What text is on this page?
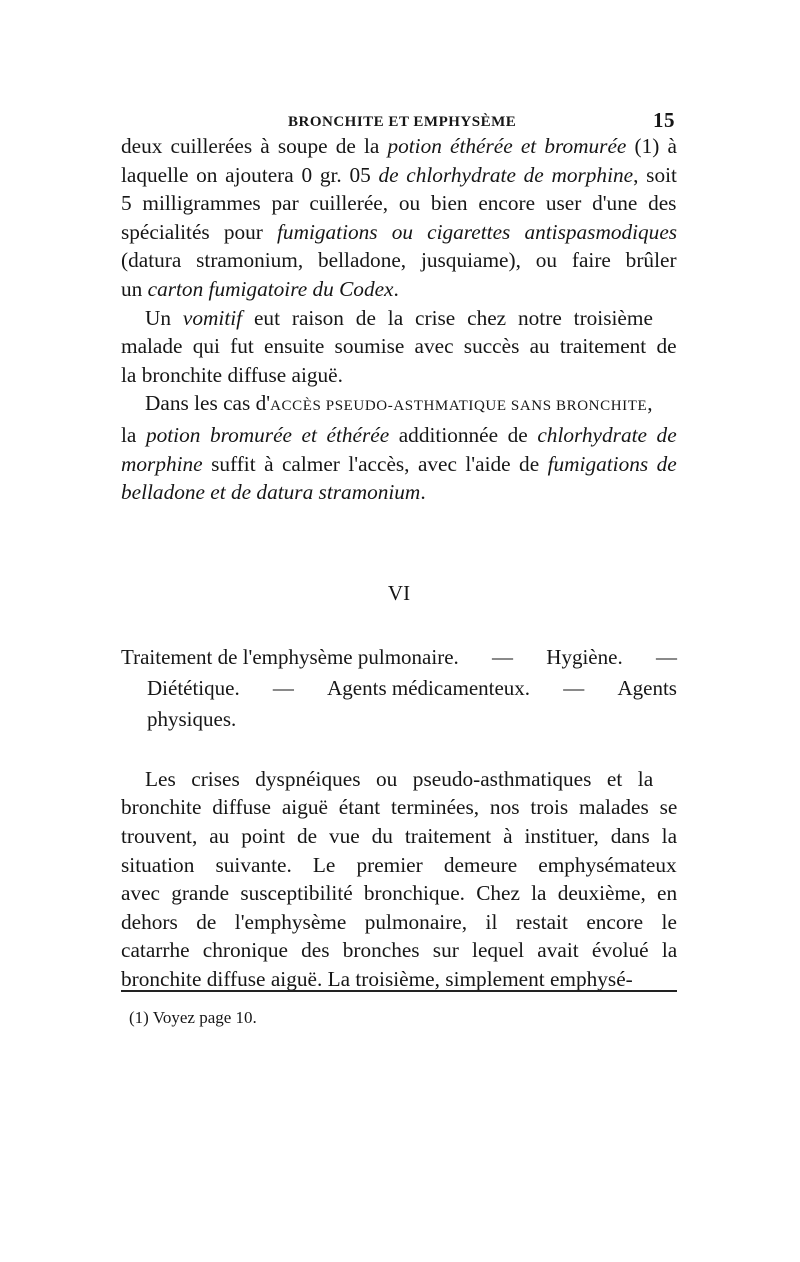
BRONCHITE ET EMPHYSÈME	15

deux cuillerées à soupe de la potion éthérée et bromurée (1) à
laquelle on ajoutera 0 gr. 05 de chlorhydrate de morphine, soit
5 milligrammes par cuillerée, ou bien encore user d'une des
spécialités pour fumigations ou cigarettes antispasmodiques
(datura stramonium, belladone, jusquiame), ou faire brûler
un carton fumigatoire du Codex.

Un vomitif eut raison de la crise chez notre troisième
malade qui fut ensuite soumise avec succès au traitement de
la bronchite diffuse aiguë.

Dans les cas d'ACCÈS PSEUDO-ASTHMATIQUE SANS BRONCHITE,
la potion bromurée et éthérée additionnée de chlorhydrate de
morphine suffit à calmer l'accès, avec l'aide de fumigations de
belladone et de datura stramonium.

VI
Traitement de l'emphysème pulmonaire. — Hygiène. —
Diététique. — Agents médicamenteux. — Agents
physiques.

Les crises dyspnéiques ou pseudo-asthmatiques et la
bronchite diffuse aiguë étant terminées, nos trois malades se
trouvent, au point de vue du traitement à instituer, dans la
situation suivante. Le premier demeure emphysémateux
avec grande susceptibilité bronchique. Chez la deuxième, en
dehors de l'emphysème pulmonaire, il restait encore le
catarrhe chronique des bronches sur lequel avait évolué la
bronchite diffuse aiguë. La troisième, simplement emphysé-

(1) Voyez page 10.
